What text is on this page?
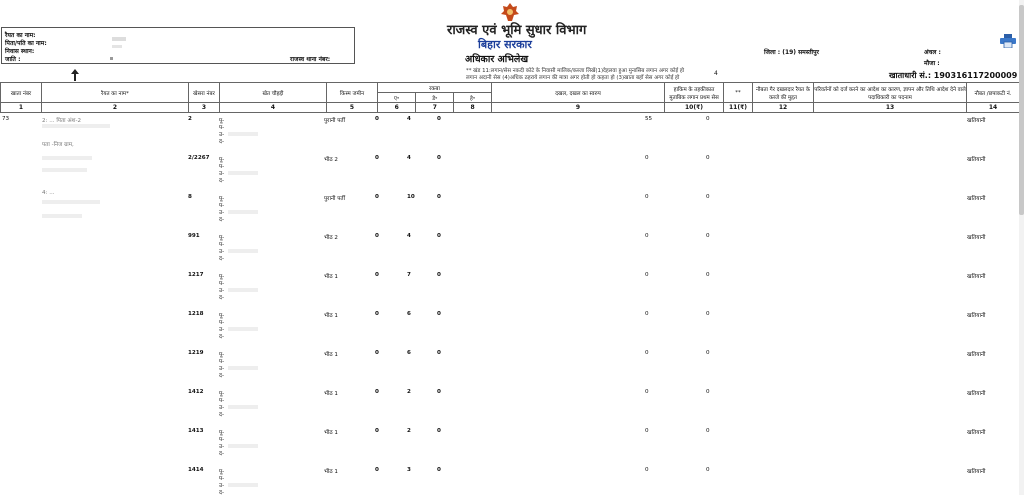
राजस्व एवं भूमि सुधार विभाग
बिहार सरकार
अधिकार अभिलेख
** खंड 11:लगान/सेस नकदी कोटे के निवासी मालिक/कब्जा लिखें(1)देहलवा हुआ मुनासिब लगान अगर कोई हो
लगान अदानी सेस (4)अधिक ठहराये लगान की मात्रा अगर होती हो कहता हो (3)खाता बहाँ सेस अगर कोई हो
4
रैयत का नाम:
पिता/पति का नाम:
निवास स्थान:
जाति :	राजस्व थाना नंबर:
जिला : (19) समस्तीपुर	अंचल :
मौजा :
खाताधारी सं.: 190316117200009
खाता नंबर	रैयत का नाम*	खेसरा नंबर	खेत चौहद्दी	किस्म जमीन	रकबा			दखल, दखल का स्वरुप	हाकिम के तहकीकात मुताबिक लगान प्रथम सेस	**	नौबता गैर दखलदार रैयत के कब्जे की मुद्दत	परिवर्तनों को दर्ज करने का आदेश का कारण, ज्ञापन और तिथि आदेश देने वाले पदाधिकारी का पदनाम	नौबत /छपाकटी नं.
					ए॰	डे॰	हे॰						
1	2	3	4	5	6	7	8	9	10(₹)	11(₹)	12	13	14
73	2: ... पिता अंश-2
पता -निज ग्राम,
4: ...
2	पुरानी पर्ती	0	4	0	55	0	खतियानी
पू-
प-
उ-
द-
2/2267	भीठ 2	0	4	0	0	0	खतियानी
पू-
प-
उ-
द-
8	पुरानी पर्ती	0	10	0	0	0	खतियानी
पू-
प-
उ-
द-
991	भीठ 2	0	4	0	0	0	खतियानी
पू-
प-
उ-
द-
1217	भीठ 1	0	7	0	0	0	खतियानी
पू-
प-
उ-
द-
1218	भीठ 1	0	6	0	0	0	खतियानी
पू-
प-
उ-
द-
1219	भीठ 1	0	6	0	0	0	खतियानी
पू-
प-
उ-
द-
1412	भीठ 1	0	2	0	0	0	खतियानी
पू-
प-
उ-
द-
1413	भीठ 1	0	2	0	0	0	खतियानी
पू-
प-
उ-
द-
1414	भीठ 1	0	3	0	0	0	खतियानी
पू-
प-
उ-
द-
